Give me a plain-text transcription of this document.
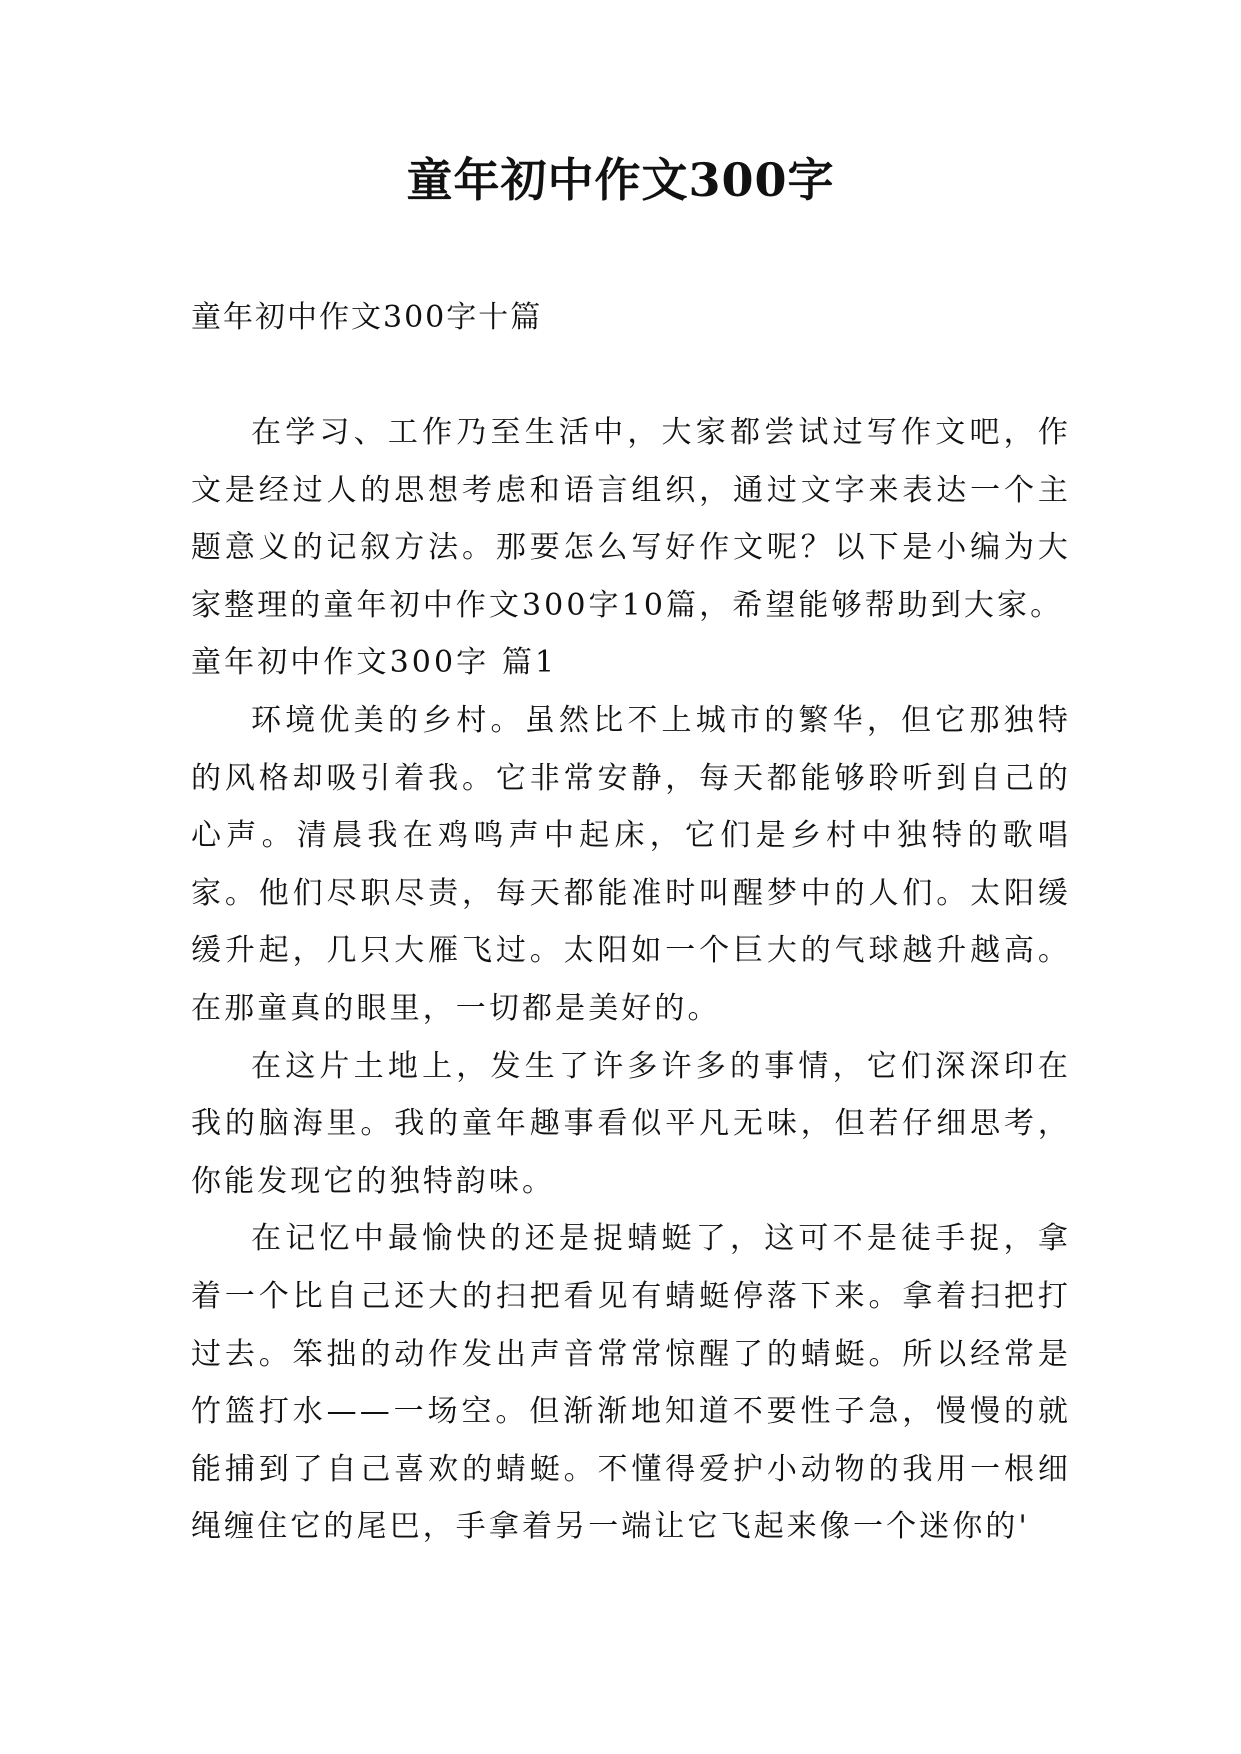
童年初中作文300字
童年初中作文300字十篇

在学习、工作乃至生活中，大家都尝试过写作文吧，作文是经过人的思想考虑和语言组织，通过文字来表达一个主题意义的记叙方法。那要怎么写好作文呢？以下是小编为大家整理的童年初中作文300字10篇，希望能够帮助到大家。

童年初中作文300字 篇1

环境优美的乡村。虽然比不上城市的繁华，但它那独特的风格却吸引着我。它非常安静，每天都能够聆听到自己的心声。清晨我在鸡鸣声中起床，它们是乡村中独特的歌唱家。他们尽职尽责，每天都能准时叫醒梦中的人们。太阳缓缓升起，几只大雁飞过。太阳如一个巨大的气球越升越高。在那童真的眼里，一切都是美好的。

在这片土地上，发生了许多许多的事情，它们深深印在我的脑海里。我的童年趣事看似平凡无味，但若仔细思考，你能发现它的独特韵味。

在记忆中最愉快的还是捉蜻蜓了，这可不是徒手捉，拿着一个比自己还大的扫把看见有蜻蜓停落下来。拿着扫把打过去。笨拙的动作发出声音常常惊醒了的蜻蜓。所以经常是竹篮打水——一场空。但渐渐地知道不要性子急，慢慢的就能捕到了自己喜欢的蜻蜓。不懂得爱护小动物的我用一根细绳缠住它的尾巴，手拿着另一端让它飞起来像一个迷你的'
